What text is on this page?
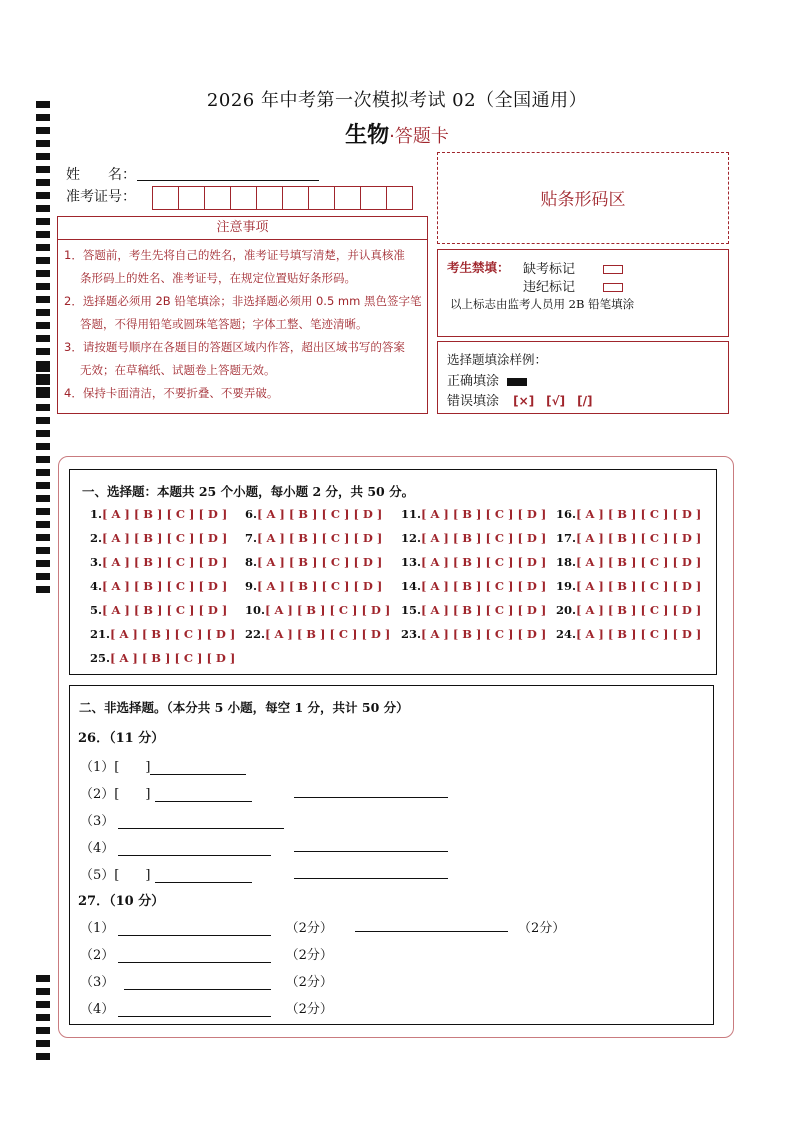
2026 年中考第一次模拟考试 02（全国通用）
生物·答题卡
姓　　名：
准考证号：	贴条形码区
注意事项
1．答题前，考生先将自己的姓名，准考证号填写清楚，并认真核准
条形码上的姓名、准考证号，在规定位置贴好条形码。
2．选择题必须用 2B 铅笔填涂；非选择题必须用 0.5 mm 黑色签字笔
答题，不得用铅笔或圆珠笔答题；字体工整、笔迹清晰。
3．请按题号顺序在各题目的答题区域内作答，超出区域书写的答案
无效；在草稿纸、试题卷上答题无效。
4．保持卡面清洁，不要折叠、不要弄破。
考生禁填： 缺考标记
违纪标记
以上标志由监考人员用 2B 铅笔填涂
选择题填涂样例：
正确填涂
错误填涂 [×]　[√]　[/]
一、选择题：本题共 25 个小题，每小题 2 分，共 50 分。
1.[ A ] [ B ] [ C ] [ D ]
2.[ A ] [ B ] [ C ] [ D ]
3.[ A ] [ B ] [ C ] [ D ]
4.[ A ] [ B ] [ C ] [ D ]
5.[ A ] [ B ] [ C ] [ D ]
6.[ A ] [ B ] [ C ] [ D ]
7.[ A ] [ B ] [ C ] [ D ]
8.[ A ] [ B ] [ C ] [ D ]
9.[ A ] [ B ] [ C ] [ D ]
10.[ A ] [ B ] [ C ] [ D ]
11.[ A ] [ B ] [ C ] [ D ]
12.[ A ] [ B ] [ C ] [ D ]
13.[ A ] [ B ] [ C ] [ D ]
14.[ A ] [ B ] [ C ] [ D ]
15.[ A ] [ B ] [ C ] [ D ]
16.[ A ] [ B ] [ C ] [ D ]
17.[ A ] [ B ] [ C ] [ D ]
18.[ A ] [ B ] [ C ] [ D ]
19.[ A ] [ B ] [ C ] [ D ]
20.[ A ] [ B ] [ C ] [ D ]
21.[ A ] [ B ] [ C ] [ D ] 22.[ A ] [ B ] [ C ] [ D ] 23.[ A ] [ B ] [ C ] [ D ] 24.[ A ] [ B ] [ C ] [ D ]
25.[ A ] [ B ] [ C ] [ D ]
二、非选择题。（本分共 5 小题，每空 1 分，共计 50 分）
26．（11 分）
（1）[　　]
（2）[　　]
（3）
（4）
（5）[　　]
27．（10 分）
（1）	（2分）	（2分）
（2）	（2分）
（3）	（2分）
（4）	（2分）
